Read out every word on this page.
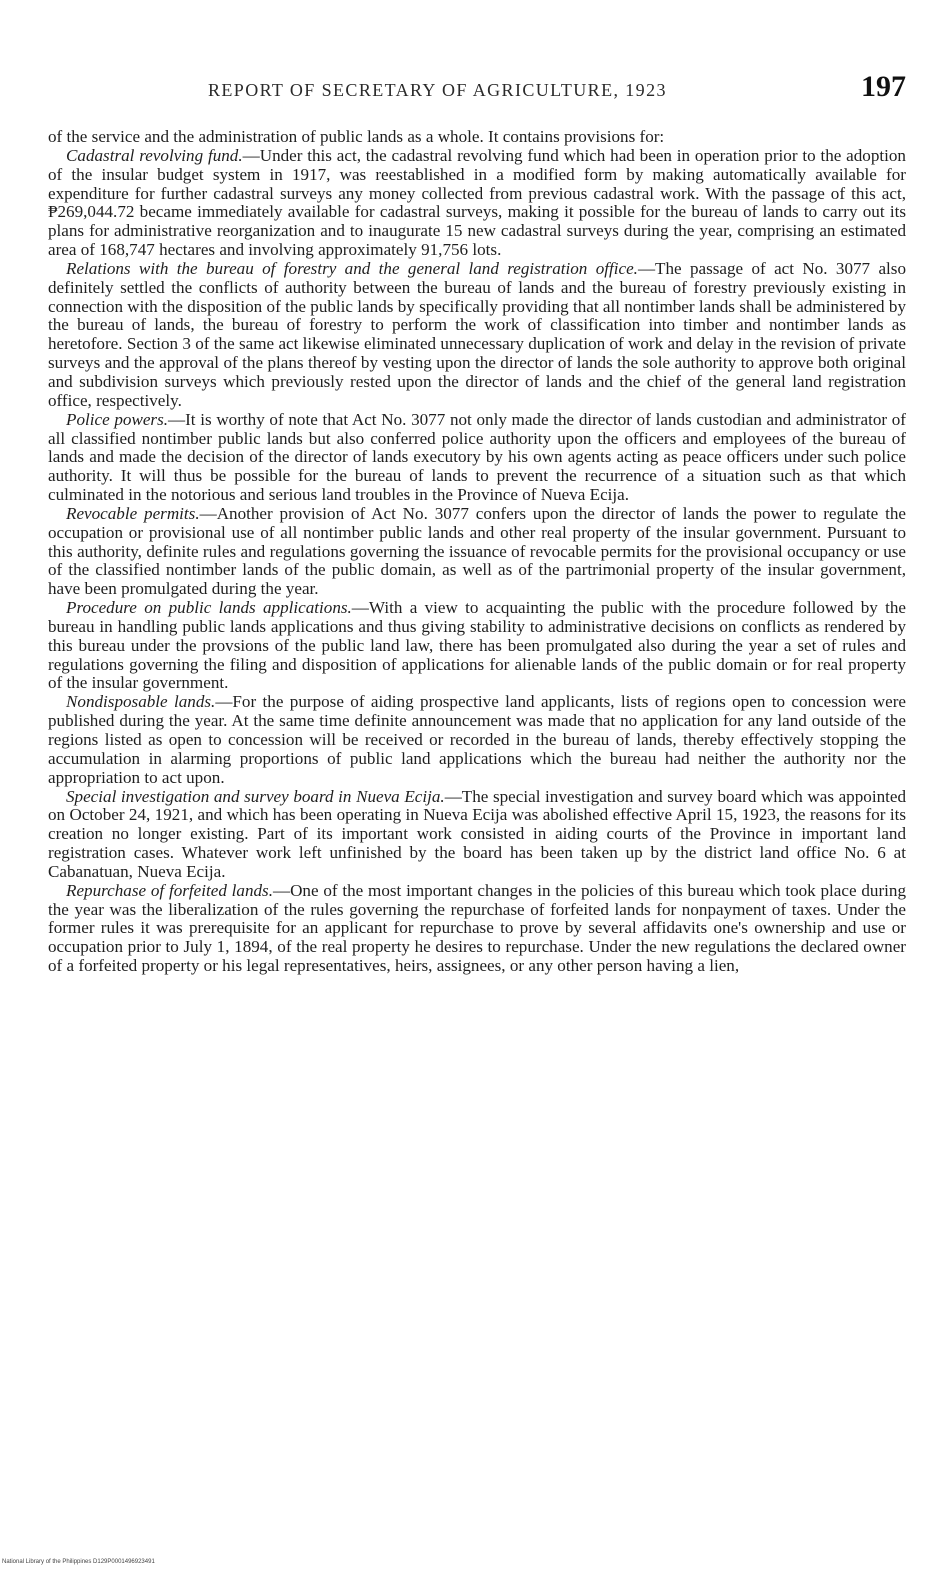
REPORT OF SECRETARY OF AGRICULTURE, 1923	197

of the service and the administration of public lands as a whole. It contains provisions for:

Cadastral revolving fund.—Under this act, the cadastral revolving fund which had been in operation prior to the adoption of the insular budget system in 1917, was reestablished in a modified form by making automatically available for expenditure for further cadastral surveys any money collected from previous cadastral work. With the passage of this act, ₱269,044.72 became immediately available for cadastral surveys, making it possible for the bureau of lands to carry out its plans for administrative reorganization and to inaugurate 15 new cadastral surveys during the year, comprising an estimated area of 168,747 hectares and involving approximately 91,756 lots.

Relations with the bureau of forestry and the general land registration office.—The passage of act No. 3077 also definitely settled the conflicts of authority between the bureau of lands and the bureau of forestry previously existing in connection with the disposition of the public lands by specifically providing that all nontimber lands shall be administered by the bureau of lands, the bureau of forestry to perform the work of classification into timber and nontimber lands as heretofore. Section 3 of the same act likewise eliminated unnecessary duplication of work and delay in the revision of private surveys and the approval of the plans thereof by vesting upon the director of lands the sole authority to approve both original and subdivision surveys which previously rested upon the director of lands and the chief of the general land registration office, respectively.

Police powers.—It is worthy of note that Act No. 3077 not only made the director of lands custodian and administrator of all classified nontimber public lands but also conferred police authority upon the officers and employees of the bureau of lands and made the decision of the director of lands executory by his own agents acting as peace officers under such police authority. It will thus be possible for the bureau of lands to prevent the recurrence of a situation such as that which culminated in the notorious and serious land troubles in the Province of Nueva Ecija.

Revocable permits.—Another provision of Act No. 3077 confers upon the director of lands the power to regulate the occupation or provisional use of all nontimber public lands and other real property of the insular government. Pursuant to this authority, definite rules and regulations governing the issuance of revocable permits for the provisional occupancy or use of the classified nontimber lands of the public domain, as well as of the partrimonial property of the insular government, have been promulgated during the year.

Procedure on public lands applications.—With a view to acquainting the public with the procedure followed by the bureau in handling public lands applications and thus giving stability to administrative decisions on conflicts as rendered by this bureau under the provsions of the public land law, there has been promulgated also during the year a set of rules and regulations governing the filing and disposition of applications for alienable lands of the public domain or for real property of the insular government.

Nondisposable lands.—For the purpose of aiding prospective land applicants, lists of regions open to concession were published during the year. At the same time definite announcement was made that no application for any land outside of the regions listed as open to concession will be received or recorded in the bureau of lands, thereby effectively stopping the accumulation in alarming proportions of public land applications which the bureau had neither the authority nor the appropriation to act upon.

Special investigation and survey board in Nueva Ecija.—The special investigation and survey board which was appointed on October 24, 1921, and which has been operating in Nueva Ecija was abolished effective April 15, 1923, the reasons for its creation no longer existing. Part of its important work consisted in aiding courts of the Province in important land registration cases. Whatever work left unfinished by the board has been taken up by the district land office No. 6 at Cabanatuan, Nueva Ecija.

Repurchase of forfeited lands.—One of the most important changes in the policies of this bureau which took place during the year was the liberalization of the rules governing the repurchase of forfeited lands for nonpayment of taxes. Under the former rules it was prerequisite for an applicant for repurchase to prove by several affidavits one's ownership and use or occupation prior to July 1, 1894, of the real property he desires to repurchase. Under the new regulations the declared owner of a forfeited property or his legal representatives, heirs, assignees, or any other person having a lien,

National Library of the Philippines D129P0001496923491
